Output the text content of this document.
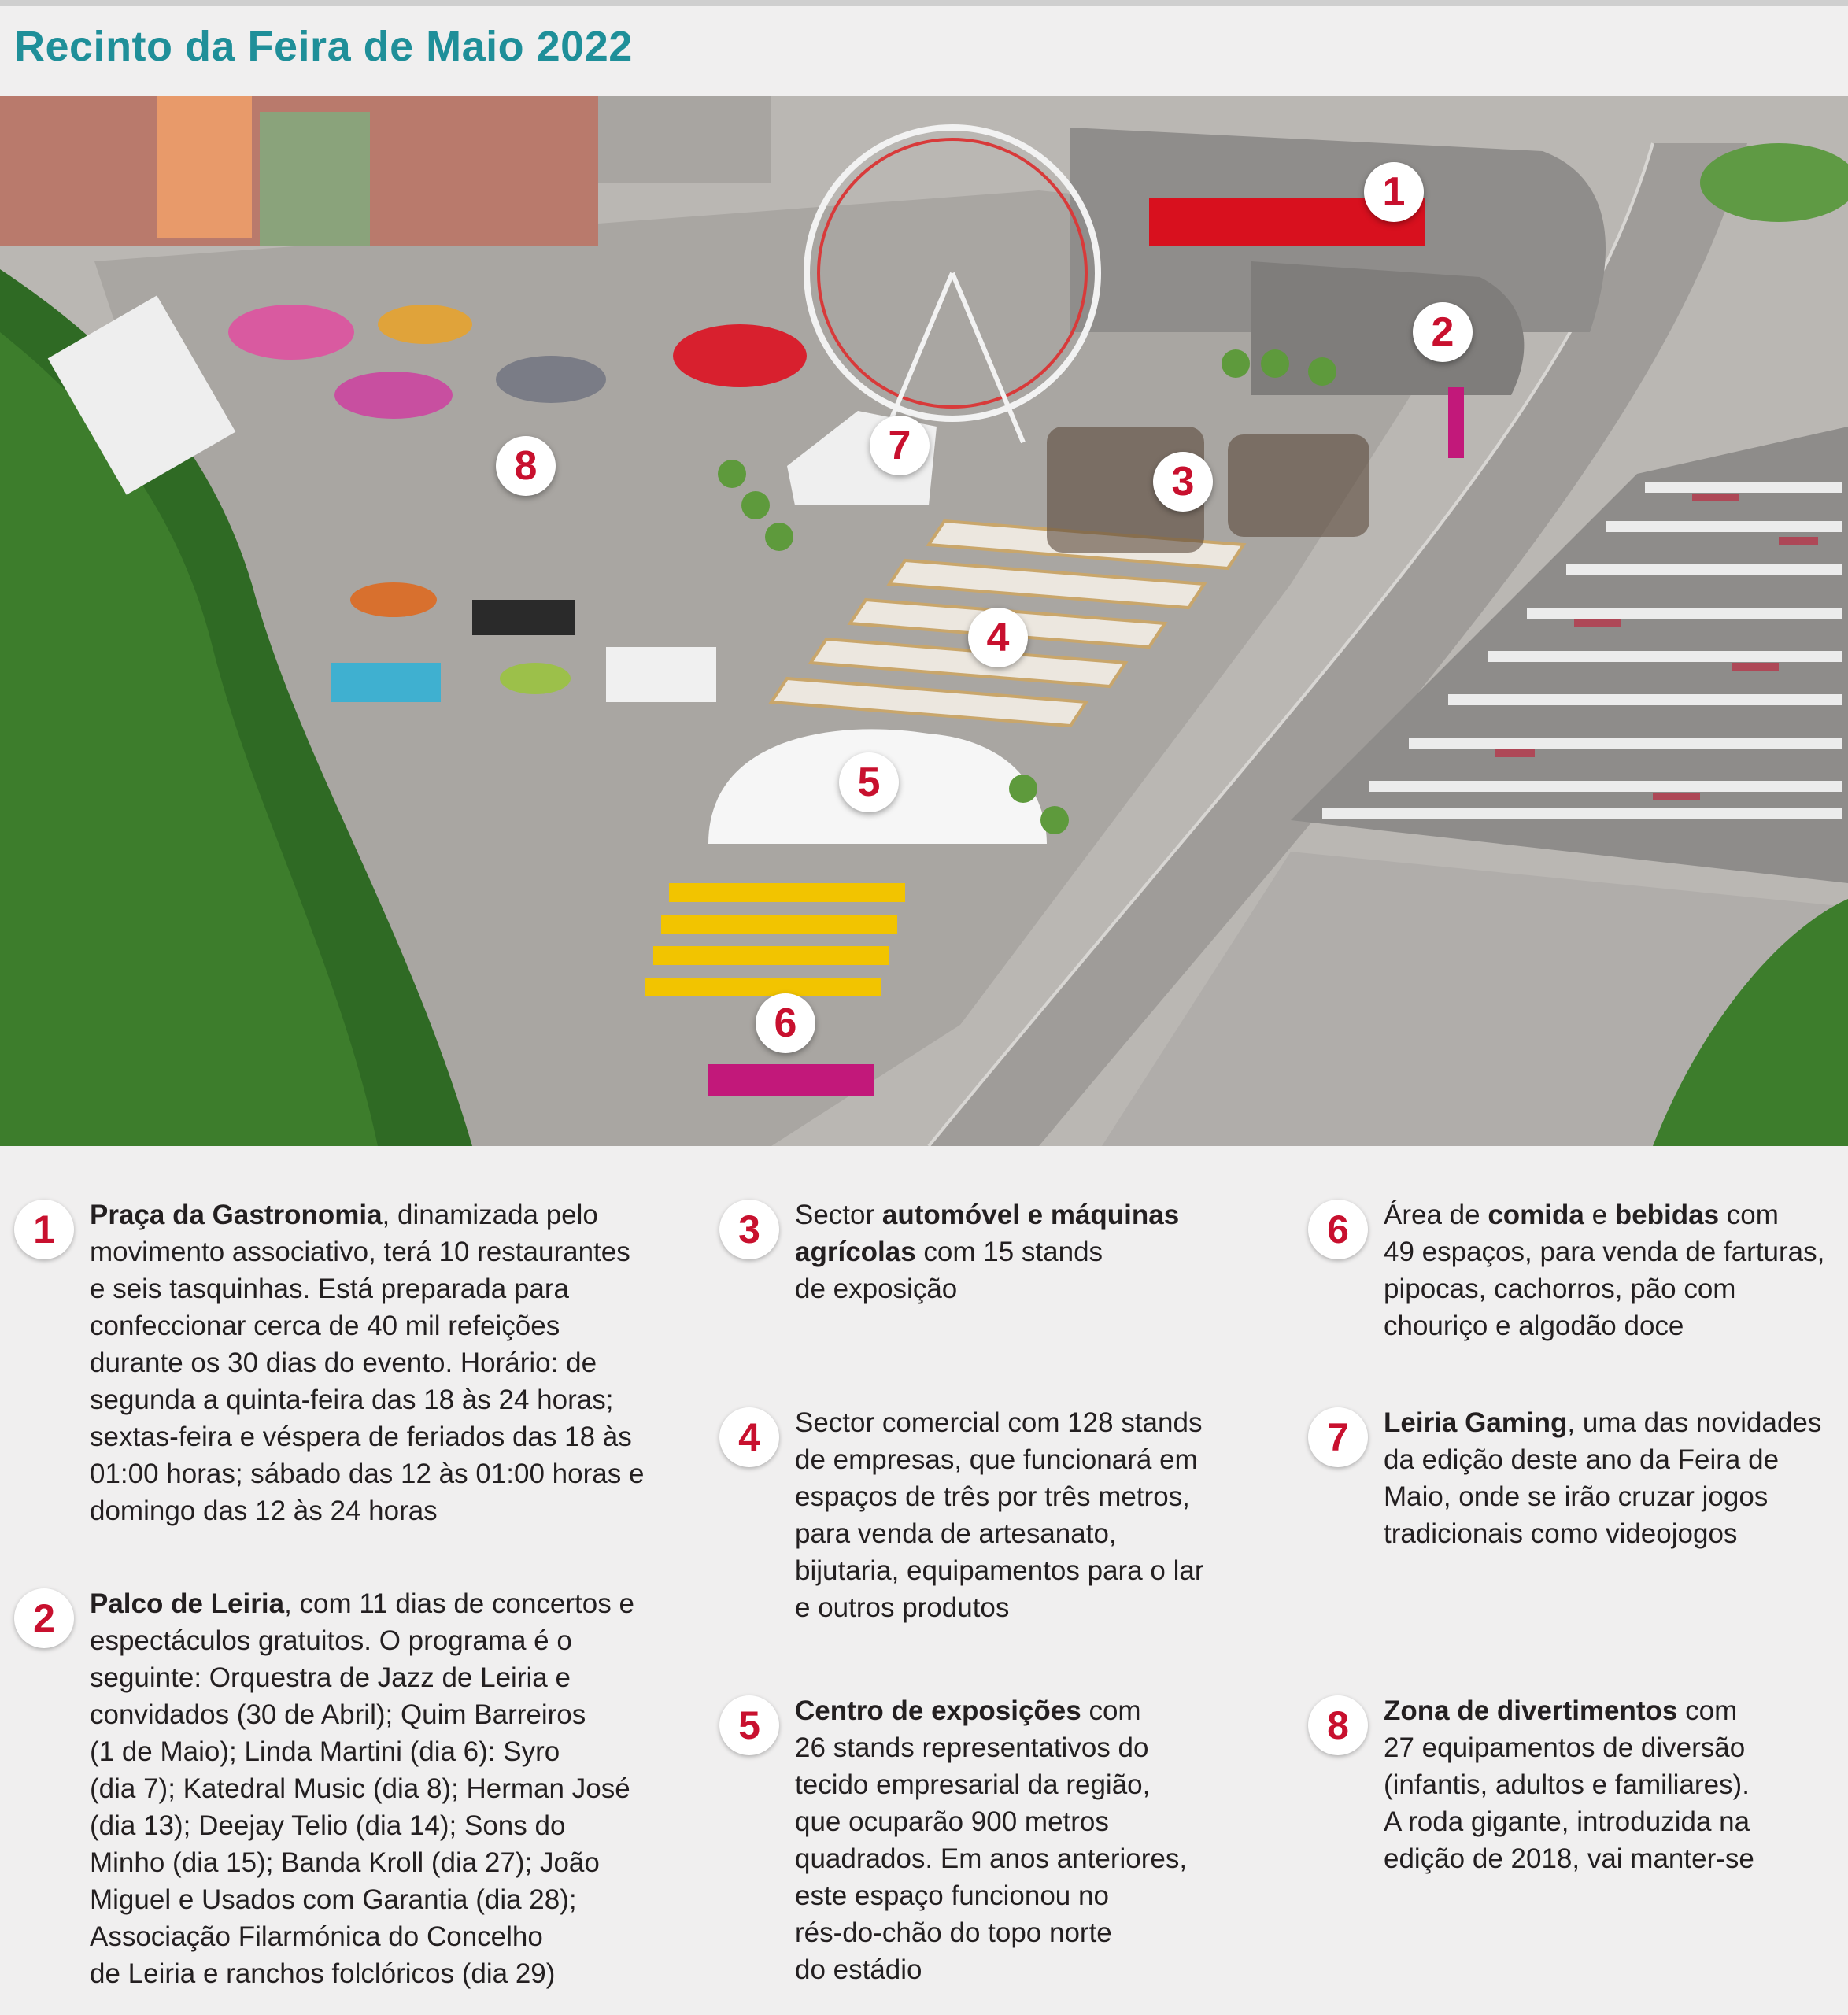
Recinto da Feira de Maio 2022
1
2
3
4
5
6
7
8
1	Praça da Gastronomia, dinamizada pelo
movimento associativo, terá 10 restaurantes
e seis tasquinhas. Está preparada para
confeccionar cerca de 40 mil refeições
durante os 30 dias do evento. Horário: de
segunda a quinta-feira das 18 às 24 horas;
sextas-feira e véspera de feriados das 18 às
01:00 horas; sábado das 12 às 01:00 horas e
domingo das 12 às 24 horas
2	Palco de Leiria, com 11 dias de concertos e
espectáculos gratuitos. O programa é o
seguinte: Orquestra de Jazz de Leiria e
convidados (30 de Abril); Quim Barreiros
(1 de Maio); Linda Martini (dia 6): Syro
(dia 7); Katedral Music (dia 8); Herman José
(dia 13); Deejay Telio (dia 14); Sons do
Minho (dia 15); Banda Kroll (dia 27); João
Miguel e Usados com Garantia (dia 28);
Associação Filarmónica do Concelho
de Leiria e ranchos folclóricos (dia 29)
3	Sector automóvel e máquinas
agrícolas com 15 stands
de exposição
4	Sector comercial com 128 stands
de empresas, que funcionará em
espaços de três por três metros,
para venda de artesanato,
bijutaria, equipamentos para o lar
e outros produtos
5	Centro de exposições com
26 stands representativos do
tecido empresarial da região,
que ocuparão 900 metros
quadrados. Em anos anteriores,
este espaço funcionou no
rés-do-chão do topo norte
do estádio
6	Área de comida e bebidas com
49 espaços, para venda de farturas,
pipocas, cachorros, pão com
chouriço e algodão doce
7	Leiria Gaming, uma das novidades
da edição deste ano da Feira de
Maio, onde se irão cruzar jogos
tradicionais como videojogos
8	Zona de divertimentos com
27 equipamentos de diversão
(infantis, adultos e familiares).
A roda gigante, introduzida na
edição de 2018, vai manter-se
